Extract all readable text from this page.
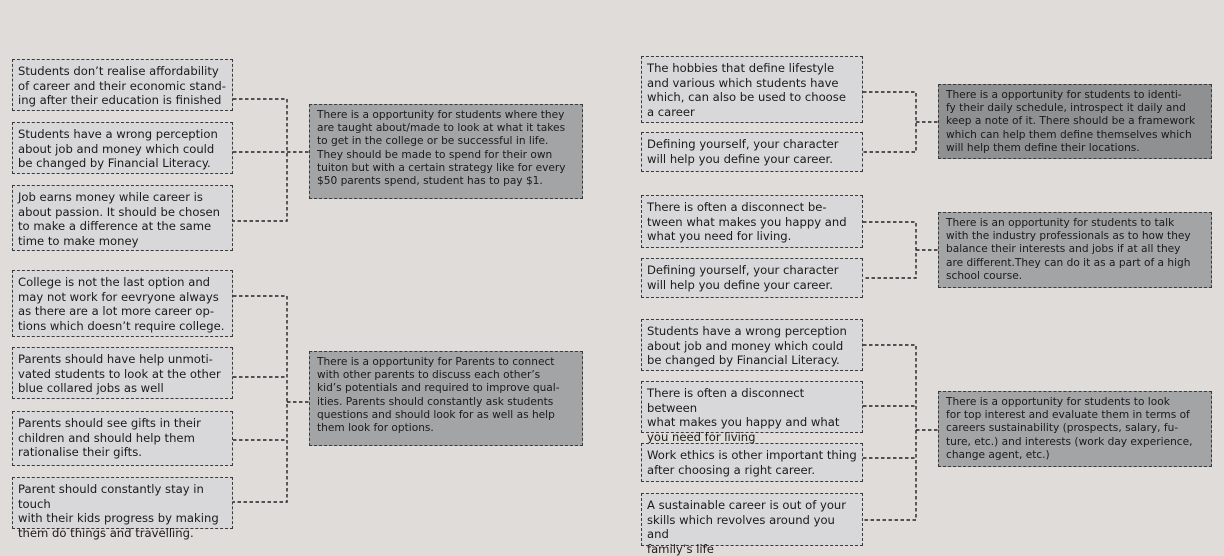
Students don’t realise affordability
of career and their economic stand-
ing after their education is finished
Students have a wrong perception
about job and money which could
be changed by Financial Literacy.
Job earns money while career is
about passion. It should be chosen
to make a difference at the same
time to make money
There is a opportunity for students where they
are taught about/made to look at what it takes
to get in the college or be successful in life.
They should be made to spend for their own
tuiton but with a certain strategy like for every
$50 parents spend, student has to pay $1.
College is not the last option and
may not work for eevryone always
as there are a lot more career op-
tions which doesn’t require college.
Parents should have help unmoti-
vated students to look at the other
blue collared jobs as well
Parents should see gifts in their
children and should help them
rationalise their gifts.
Parent should constantly stay in touch
with their kids progress by making
them do things and travelling.
There is a opportunity for Parents to connect
with other parents to discuss each other’s
kid’s potentials and required to improve qual-
ities. Parents should constantly ask students
questions and should look for as well as help
them look for options.
The hobbies that define lifestyle
and various which students have
which, can also be used to choose
a career
Defining yourself, your character
will help you define your career.
There is a opportunity for students to identi-
fy their daily schedule, introspect it daily and
keep a note of it. There should be a framework
which can help them define themselves which
will help them define their locations.
There is often a disconnect be-
tween what makes you happy and
what you need for living.
Defining yourself, your character
will help you define your career.
There is an opportunity for students to talk
with the industry professionals as to how they
balance their interests and jobs if at all they
are different.They can do it as a part of a high
school course.
Students have a wrong perception
about job and money which could
be changed by Financial Literacy.
There is often a disconnect between
what makes you happy and what
you need for living
Work ethics is other important thing
after choosing a right career.
A sustainable career is out of your
skills which revolves around you and
family’s life
There is a opportunity for students to look
for top interest and evaluate them in terms of
careers sustainability (prospects, salary, fu-
ture, etc.) and interests (work day experience,
change agent, etc.)
